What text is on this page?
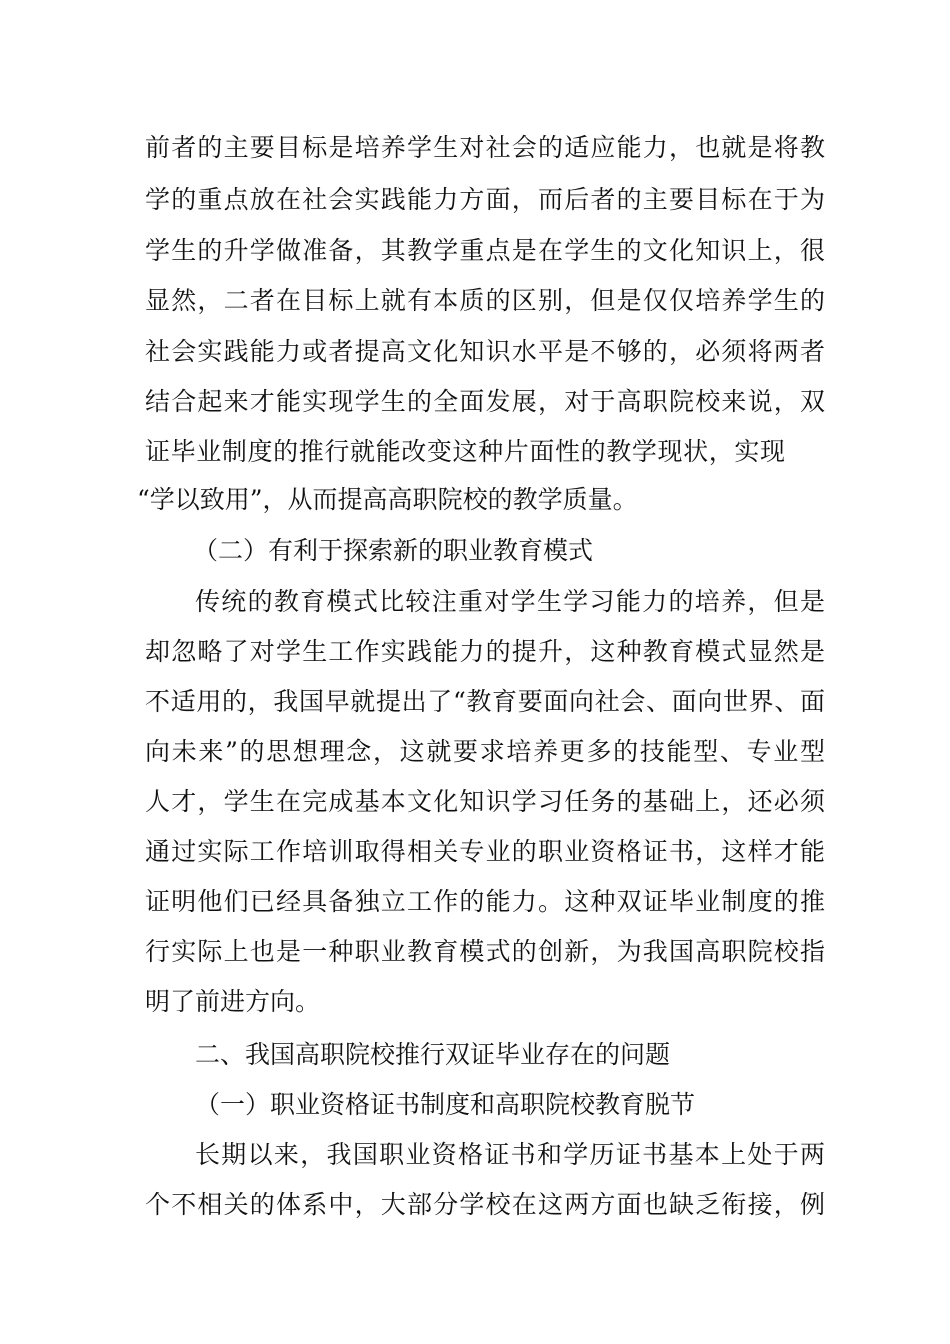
前者的主要目标是培养学生对社会的适应能力，也就是将教
学的重点放在社会实践能力方面，而后者的主要目标在于为
学生的升学做准备，其教学重点是在学生的文化知识上，很
显然，二者在目标上就有本质的区别，但是仅仅培养学生的
社会实践能力或者提高文化知识水平是不够的，必须将两者
结合起来才能实现学生的全面发展，对于高职院校来说，双
证毕业制度的推行就能改变这种片面性的教学现状，实现
“学以致用”，从而提高高职院校的教学质量。
（二）有利于探索新的职业教育模式
传统的教育模式比较注重对学生学习能力的培养，但是
却忽略了对学生工作实践能力的提升，这种教育模式显然是
不适用的，我国早就提出了“教育要面向社会、面向世界、面
向未来”的思想理念，这就要求培养更多的技能型、专业型
人才，学生在完成基本文化知识学习任务的基础上，还必须
通过实际工作培训取得相关专业的职业资格证书，这样才能
证明他们已经具备独立工作的能力。这种双证毕业制度的推
行实际上也是一种职业教育模式的创新，为我国高职院校指
明了前进方向。
二、我国高职院校推行双证毕业存在的问题
（一）职业资格证书制度和高职院校教育脱节
长期以来，我国职业资格证书和学历证书基本上处于两
个不相关的体系中，大部分学校在这两方面也缺乏衔接，例
